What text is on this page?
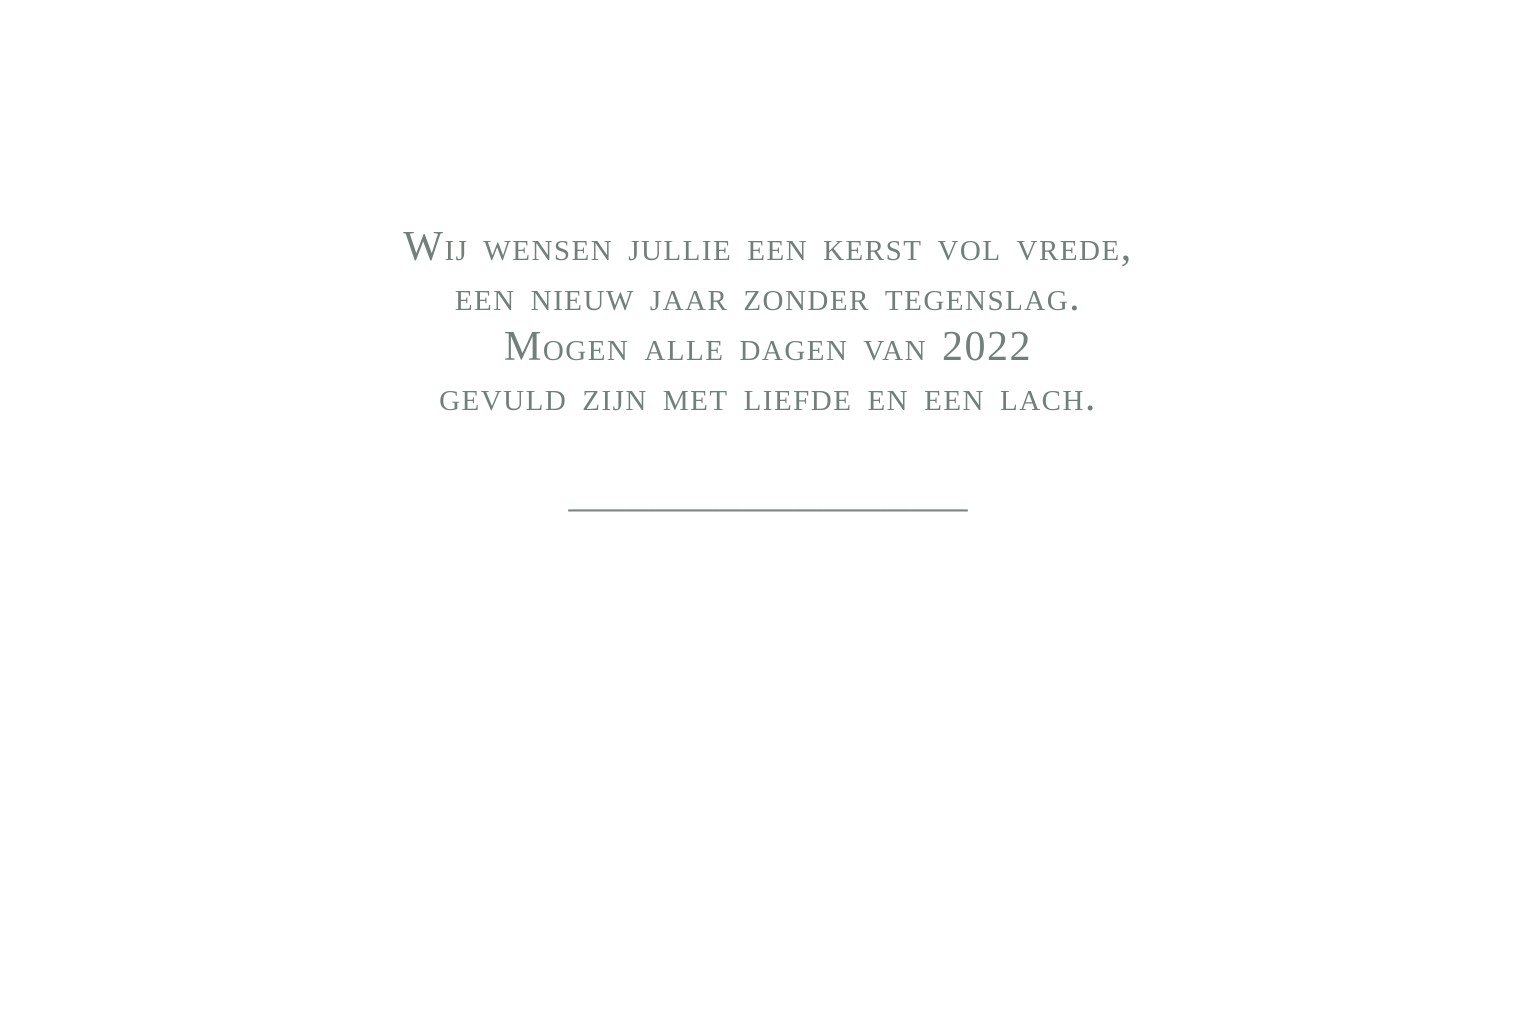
Wij wensen jullie een kerst vol vrede,

een nieuw jaar zonder tegenslag.

Mogen alle dagen van 2022

gevuld zijn met liefde en een lach.

___________________
